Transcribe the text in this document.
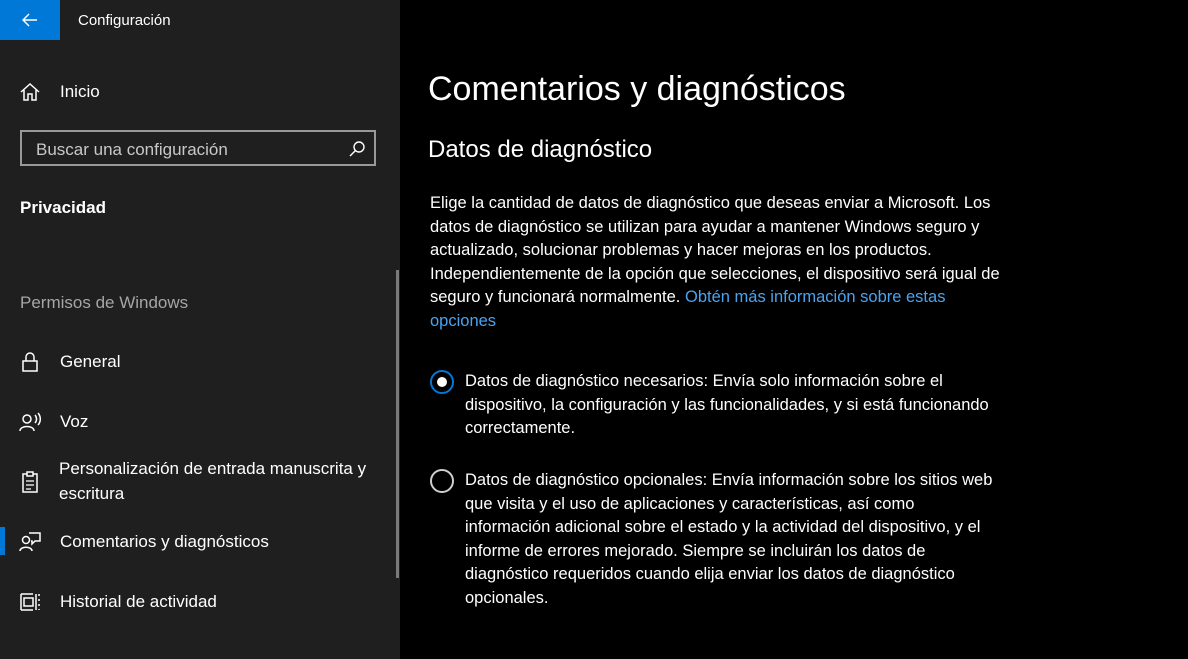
Configuración
Inicio
Buscar una configuración
Privacidad
Permisos de Windows
General
Voz
Personalización de entrada manuscrita y escritura
Comentarios y diagnósticos
Historial de actividad
Comentarios y diagnósticos
Datos de diagnóstico
Elige la cantidad de datos de diagnóstico que deseas enviar a Microsoft. Los datos de diagnóstico se utilizan para ayudar a mantener Windows seguro y actualizado, solucionar problemas y hacer mejoras en los productos. Independientemente de la opción que selecciones, el dispositivo será igual de seguro y funcionará normalmente. Obtén más información sobre estas opciones
Datos de diagnóstico necesarios: Envía solo información sobre el dispositivo, la configuración y las funcionalidades, y si está funcionando correctamente.
Datos de diagnóstico opcionales: Envía información sobre los sitios web que visita y el uso de aplicaciones y características, así como información adicional sobre el estado y la actividad del dispositivo, y el informe de errores mejorado. Siempre se incluirán los datos de diagnóstico requeridos cuando elija enviar los datos de diagnóstico opcionales.
